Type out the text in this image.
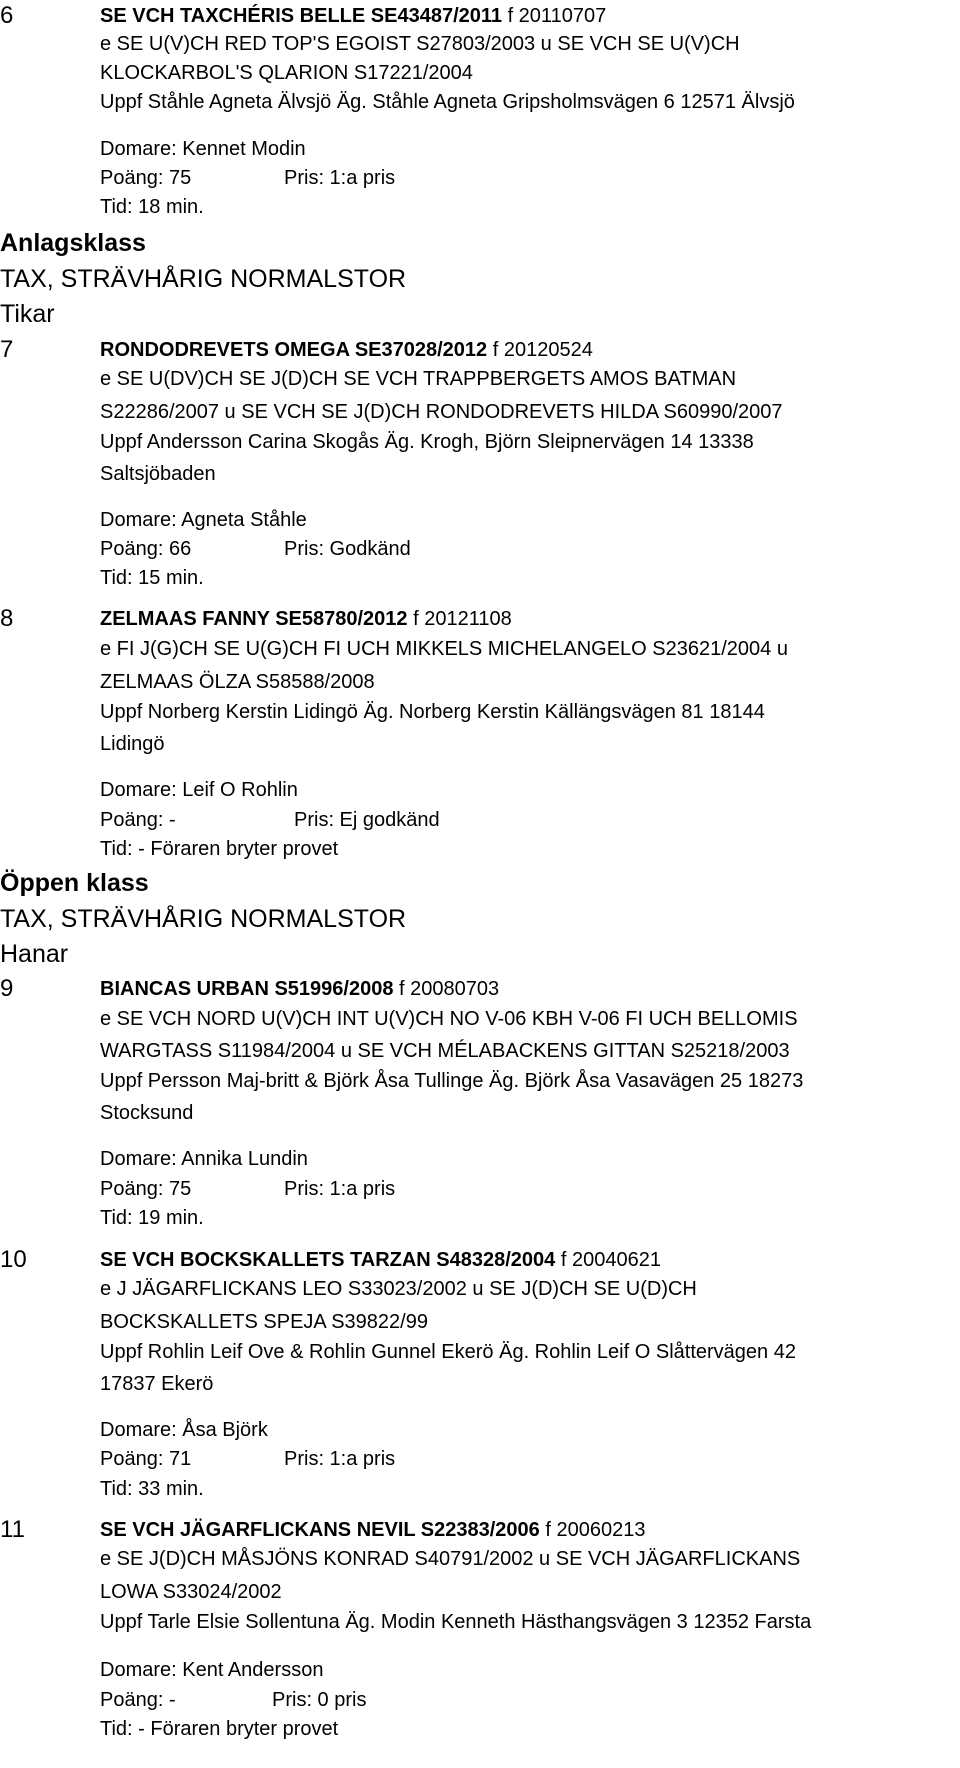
6	SE VCH TAXCHÉRIS BELLE SE43487/2011 f 20110707
e SE U(V)CH RED TOP'S EGOIST S27803/2003 u SE VCH SE U(V)CH
KLOCKARBOL'S QLARION S17221/2004
Uppf Ståhle Agneta Älvsjö Äg. Ståhle Agneta Gripsholmsvägen 6 12571 Älvsjö
Domare: Kennet Modin
Poäng: 75	Pris: 1:a pris
Tid: 18 min.
Anlagsklass
TAX, STRÄVHÅRIG NORMALSTOR
Tikar
7	RONDODREVETS OMEGA SE37028/2012 f 20120524
e SE U(DV)CH SE J(D)CH SE VCH TRAPPBERGETS AMOS BATMAN
S22286/2007 u SE VCH SE J(D)CH RONDODREVETS HILDA S60990/2007
Uppf Andersson Carina Skogås Äg. Krogh, Björn Sleipnervägen 14 13338
Saltsjöbaden
Domare: Agneta Ståhle
Poäng: 66	Pris: Godkänd
Tid: 15 min.
8	ZELMAAS FANNY SE58780/2012 f 20121108
e FI J(G)CH SE U(G)CH FI UCH MIKKELS MICHELANGELO S23621/2004 u
ZELMAAS ÖLZA S58588/2008
Uppf Norberg Kerstin Lidingö Äg. Norberg Kerstin Källängsvägen 81 18144
Lidingö
Domare: Leif O Rohlin
Poäng: -	Pris: Ej godkänd
Tid: - Föraren bryter provet
Öppen klass
TAX, STRÄVHÅRIG NORMALSTOR
Hanar
9	BIANCAS URBAN S51996/2008 f 20080703
e SE VCH NORD U(V)CH INT U(V)CH NO V-06 KBH V-06 FI UCH BELLOMIS
WARGTASS S11984/2004 u SE VCH MÉLABACKENS GITTAN S25218/2003
Uppf Persson Maj-britt & Björk Åsa Tullinge Äg. Björk Åsa Vasavägen 25 18273
Stocksund
Domare: Annika Lundin
Poäng: 75	Pris: 1:a pris
Tid: 19 min.
10	SE VCH BOCKSKALLETS TARZAN S48328/2004 f 20040621
e J JÄGARFLICKANS LEO S33023/2002 u SE J(D)CH SE U(D)CH
BOCKSKALLETS SPEJA S39822/99
Uppf Rohlin Leif Ove & Rohlin Gunnel Ekerö Äg. Rohlin Leif O Slåttervägen 42
17837 Ekerö
Domare: Åsa Björk
Poäng: 71	Pris: 1:a pris
Tid: 33 min.
11	SE VCH JÄGARFLICKANS NEVIL S22383/2006 f 20060213
e SE J(D)CH MÅSJÖNS KONRAD S40791/2002 u SE VCH JÄGARFLICKANS
LOWA S33024/2002
Uppf Tarle Elsie Sollentuna Äg. Modin Kenneth Hästhangsvägen 3 12352 Farsta
Domare: Kent Andersson
Poäng: -	Pris: 0 pris
Tid: - Föraren bryter provet
